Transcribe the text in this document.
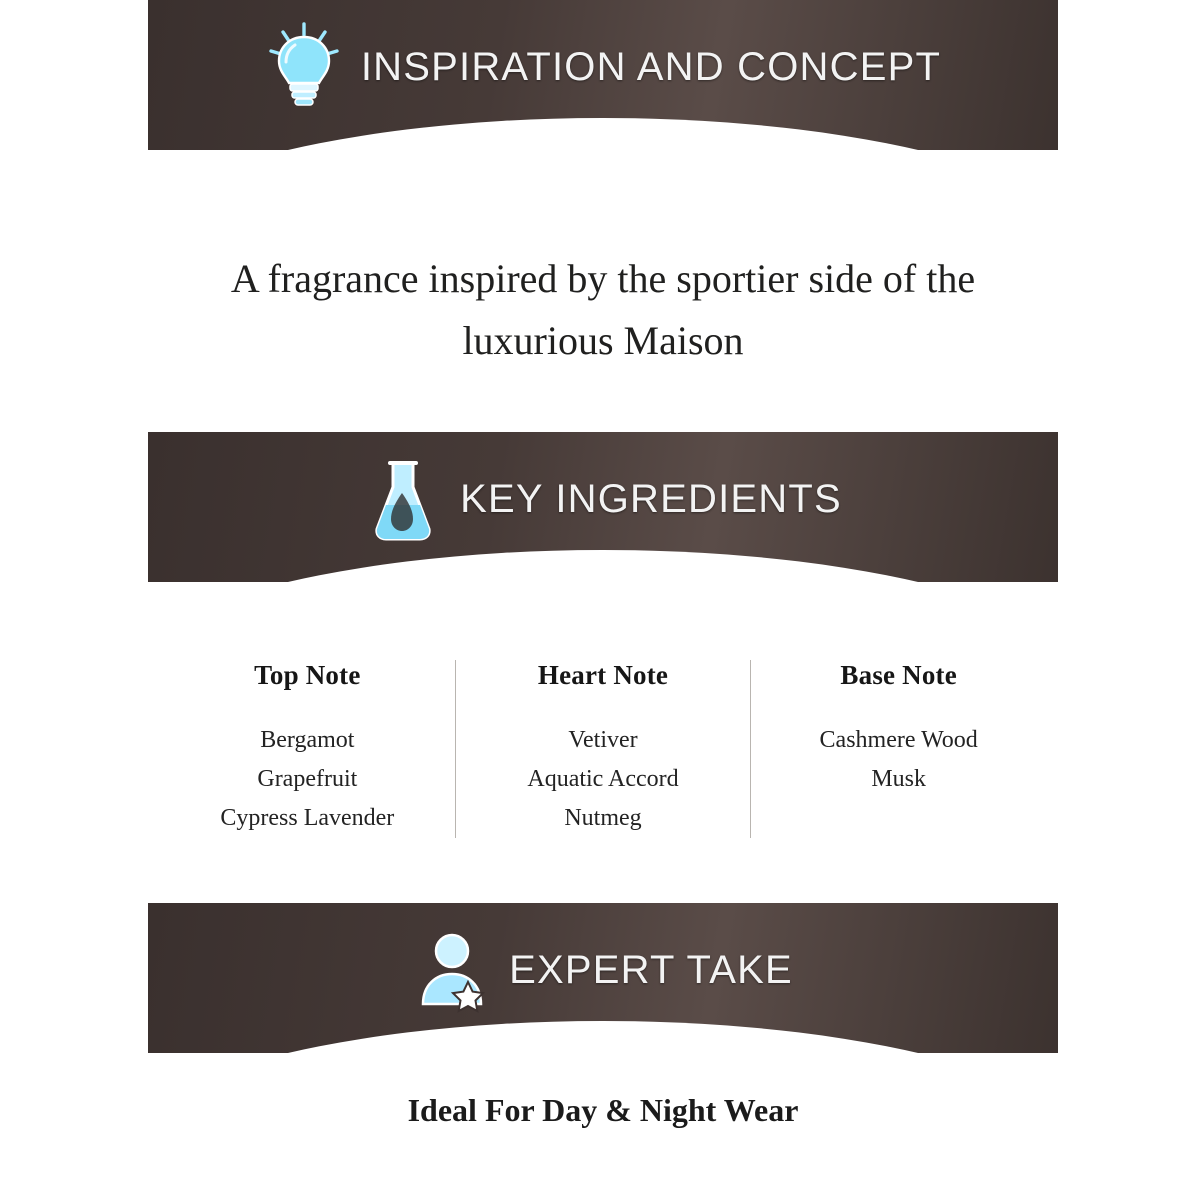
INSPIRATION AND CONCEPT
A fragrance inspired by the sportier side of the luxurious Maison
KEY INGREDIENTS
Top Note
Bergamot
Grapefruit
Cypress Lavender
Heart Note
Vetiver
Aquatic Accord
Nutmeg
Base Note
Cashmere Wood
Musk
EXPERT TAKE
Ideal For Day & Night Wear
